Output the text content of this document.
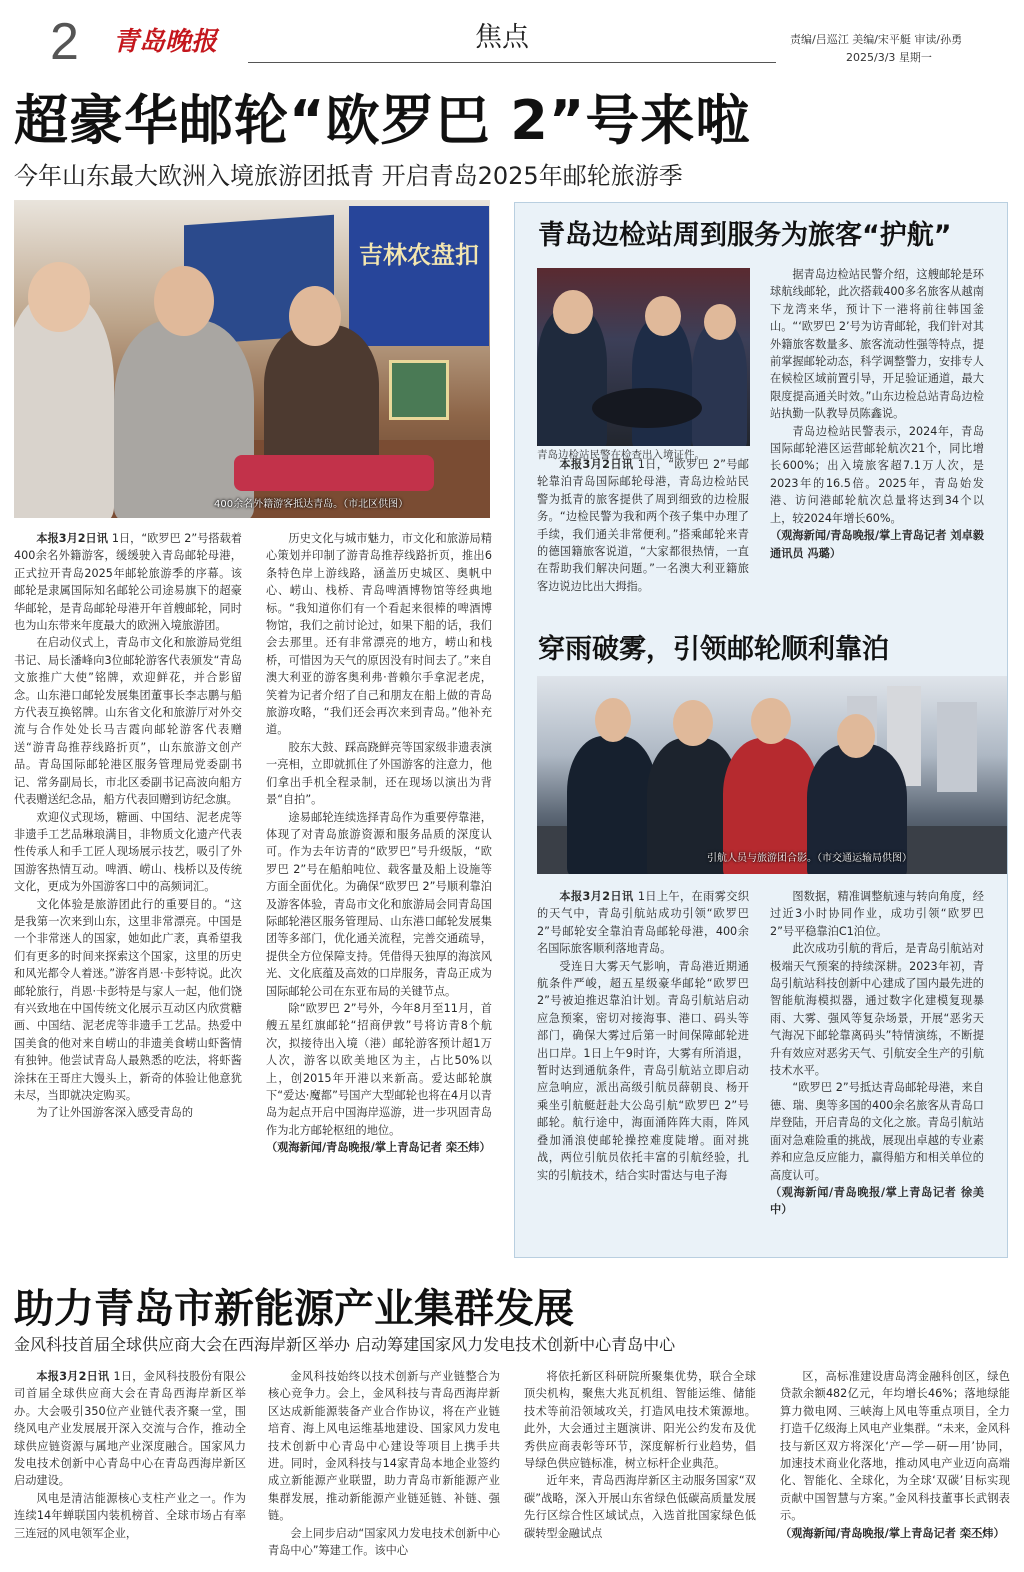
2 青岛晚报	焦点	责编/吕巡江 美编/宋平艇 审读/孙勇
2025/3/3 星期一
超豪华邮轮“欧罗巴 2”号来啦
今年山东最大欧洲入境旅游团抵青 开启青岛2025年邮轮旅游季
吉林农盘扣
400余名外籍游客抵达青岛。（市北区供图）

本报3月2日讯 1日，“欧罗巴 2”号搭载着400余名外籍游客，缓缓驶入青岛邮轮母港，正式拉开青岛2025年邮轮旅游季的序幕。该邮轮是隶属国际知名邮轮公司途易旗下的超豪华邮轮，是青岛邮轮母港开年首艘邮轮，同时也为山东带来年度最大的欧洲入境旅游团。

在启动仪式上，青岛市文化和旅游局党组书记、局长潘峰向3位邮轮游客代表颁发“青岛文旅推广大使”铭牌，欢迎鲜花，并合影留念。山东港口邮轮发展集团董事长李志鹏与船方代表互换铭牌。山东省文化和旅游厅对外交流与合作处处长马吉霞向邮轮游客代表赠送“游青岛推荐线路折页”，山东旅游文创产品。青岛国际邮轮港区服务管理局党委副书记、常务副局长，市北区委副书记高波向船方代表赠送纪念品，船方代表回赠到访纪念旗。

欢迎仪式现场，糖画、中国结、泥老虎等非遗手工艺品琳琅满目，非物质文化遗产代表性传承人和手工匠人现场展示技艺，吸引了外国游客热情互动。啤酒、崂山、栈桥以及传统文化，更成为外国游客口中的高频词汇。

文化体验是旅游团此行的重要目的。“这是我第一次来到山东，这里非常漂亮。中国是一个非常迷人的国家，她如此广袤，真希望我们有更多的时间来探索这个国家，这里的历史和风光都令人着迷。”游客肖恩·卡彭特说。此次邮轮旅行，肖恩·卡彭特是与家人一起，他们饶有兴致地在中国传统文化展示互动区内欣赏糖画、中国结、泥老虎等非遗手工艺品。热爱中国美食的他对来自崂山的非遗美食崂山虾酱情有独钟。他尝试青岛人最熟悉的吃法，将虾酱涂抹在王哥庄大馒头上，新奇的体验让他意犹未尽，当即就决定购买。

为了让外国游客深入感受青岛的

历史文化与城市魅力，市文化和旅游局精心策划并印制了游青岛推荐线路折页，推出6条特色岸上游线路，涵盖历史城区、奥帆中心、崂山、栈桥、青岛啤酒博物馆等经典地标。“我知道你们有一个看起来很棒的啤酒博物馆，我们之前讨论过，如果下船的话，我们会去那里。还有非常漂亮的地方，崂山和栈桥，可惜因为天气的原因没有时间去了。”来自澳大利亚的游客奥利弗·普赖尔手拿泥老虎，笑着为记者介绍了自己和朋友在船上做的青岛旅游攻略，“我们还会再次来到青岛。”他补充道。

胶东大鼓、踩高跷鲜亮等国家级非遗表演一亮相，立即就抓住了外国游客的注意力，他们拿出手机全程录制，还在现场以演出为背景“自拍”。

途易邮轮连续选择青岛作为重要停靠港，体现了对青岛旅游资源和服务品质的深度认可。作为去年访青的“欧罗巴”号升级版，“欧罗巴 2”号在船舶吨位、载客量及船上设施等方面全面优化。为确保“欧罗巴 2”号顺利靠泊及游客体验，青岛市文化和旅游局会同青岛国际邮轮港区服务管理局、山东港口邮轮发展集团等多部门，优化通关流程，完善交通疏导，提供全方位保障支持。凭借得天独厚的海滨风光、文化底蕴及高效的口岸服务，青岛正成为国际邮轮公司在东亚布局的关键节点。

除“欧罗巴 2”号外，今年8月至11月，首艘五星红旗邮轮“招商伊敦”号将访青8个航次，拟接待出入境（港）邮轮游客预计超1万人次，游客以欧美地区为主，占比50%以上，创2015年开港以来新高。爱达邮轮旗下“爱达·魔都”号国产大型邮轮也将在4月以青岛为起点开启中国海岸巡游，进一步巩固青岛作为北方邮轮枢纽的地位。

（观海新闻/青岛晚报/掌上青岛记者 栾丕炜）

青岛边检站周到服务为旅客“护航”
青岛边检站民警在检查出入境证件。

本报3月2日讯 1日，“欧罗巴 2”号邮轮靠泊青岛国际邮轮母港，青岛边检站民警为抵青的旅客提供了周到细致的边检服务。“边检民警为我和两个孩子集中办理了手续，我们通关非常便利。”搭乘邮轮来青的德国籍旅客说道，“大家都很热情，一直在帮助我们解决问题。”一名澳大利亚籍旅客边说边比出大拇指。

据青岛边检站民警介绍，这艘邮轮是环球航线邮轮，此次搭载400多名旅客从越南下龙湾来华，预计下一港将前往韩国釜山。“‘欧罗巴 2’号为访青邮轮，我们针对其外籍旅客数量多、旅客流动性强等特点，提前掌握邮轮动态，科学调整警力，安排专人在候检区域前置引导，开足验证通道，最大限度提高通关时效。”山东边检总站青岛边检站执勤一队教导员陈鑫说。

青岛边检站民警表示，2024年，青岛国际邮轮港区运营邮轮航次21个，同比增长600%；出入境旅客超7.1万人次，是2023年的16.5倍。2025年，青岛始发港、访问港邮轮航次总量将达到34个以上，较2024年增长60%。

（观海新闻/青岛晚报/掌上青岛记者 刘卓毅 通讯员 冯璐）

穿雨破雾，引领邮轮顺利靠泊
引航人员与旅游团合影。（市交通运输局供图）

本报3月2日讯 1日上午，在雨雾交织的天气中，青岛引航站成功引领“欧罗巴 2”号邮轮安全靠泊青岛邮轮母港，400余名国际旅客顺利落地青岛。

受连日大雾天气影响，青岛港近期通航条件严峻，超五星级豪华邮轮“欧罗巴 2”号被迫推迟靠泊计划。青岛引航站启动应急预案，密切对接海事、港口、码头等部门，确保大雾过后第一时间保障邮轮进出口岸。1日上午9时许，大雾有所消退，暂时达到通航条件，青岛引航站立即启动应急响应，派出高级引航员薛朝良、杨开乘坐引航艇赶赴大公岛引航“欧罗巴 2”号邮轮。航行途中，海面涌阵阵大雨，阵风叠加涌浪使邮轮操控难度陡增。面对挑战，两位引航员依托丰富的引航经验，扎实的引航技术，结合实时雷达与电子海

图数据，精准调整航速与转向角度，经过近3小时协同作业，成功引领“欧罗巴 2”号平稳靠泊C1泊位。

此次成功引航的背后，是青岛引航站对极端天气预案的持续深耕。2023年初，青岛引航站科技创新中心建成了国内最先进的智能航海模拟器，通过数字化建模复现暴雨、大雾、强风等复杂场景，开展“恶劣天气海况下邮轮靠离码头”特情演练，不断提升有效应对恶劣天气、引航安全生产的引航技术水平。

“欧罗巴 2”号抵达青岛邮轮母港，来自德、瑞、奥等多国的400余名旅客从青岛口岸登陆，开启青岛的文化之旅。青岛引航站面对急难险重的挑战，展现出卓越的专业素养和应急反应能力，赢得船方和相关单位的高度认可。

（观海新闻/青岛晚报/掌上青岛记者 徐美中）

助力青岛市新能源产业集群发展
金风科技首届全球供应商大会在西海岸新区举办 启动筹建国家风力发电技术创新中心青岛中心

本报3月2日讯 1日，金风科技股份有限公司首届全球供应商大会在青岛西海岸新区举办。大会吸引350位产业链代表齐聚一堂，围绕风电产业发展展开深入交流与合作，推动全球供应链资源与属地产业深度融合。国家风力发电技术创新中心青岛中心在青岛西海岸新区启动建设。

风电是清洁能源核心支柱产业之一。作为连续14年蝉联国内装机榜首、全球市场占有率三连冠的风电领军企业，

金风科技始终以技术创新与产业链整合为核心竞争力。会上，金风科技与青岛西海岸新区达成新能源装备产业合作协议，将在产业链培育、海上风电运维基地建设、国家风力发电技术创新中心青岛中心建设等项目上携手共进。同时，金风科技与14家青岛本地企业签约成立新能源产业联盟，助力青岛市新能源产业集群发展，推动新能源产业链延链、补链、强链。

会上同步启动“国家风力发电技术创新中心青岛中心”筹建工作。该中心

将依托新区科研院所聚集优势，联合全球顶尖机构，聚焦大兆瓦机组、智能运维、储能技术等前沿领域攻关，打造风电技术策源地。此外，大会通过主题演讲、阳光公约发布及优秀供应商表彰等环节，深度解析行业趋势，倡导绿色供应链标准，树立标杆企业典范。

近年来，青岛西海岸新区主动服务国家“双碳”战略，深入开展山东省绿色低碳高质量发展先行区综合性区域试点，入选首批国家绿色低碳转型金融试点

区，高标准建设唐岛湾金融科创区，绿色贷款余额482亿元，年均增长46%；落地绿能算力微电网、三峡海上风电等重点项目，全力打造千亿级海上风电产业集群。“未来，金风科技与新区双方将深化‘产—学—研—用’协同，加速技术商业化落地，推动风电产业迈向高端化、智能化、全球化，为全球‘双碳’目标实现贡献中国智慧与方案。”金风科技董事长武钢表示。

（观海新闻/青岛晚报/掌上青岛记者 栾丕炜）
